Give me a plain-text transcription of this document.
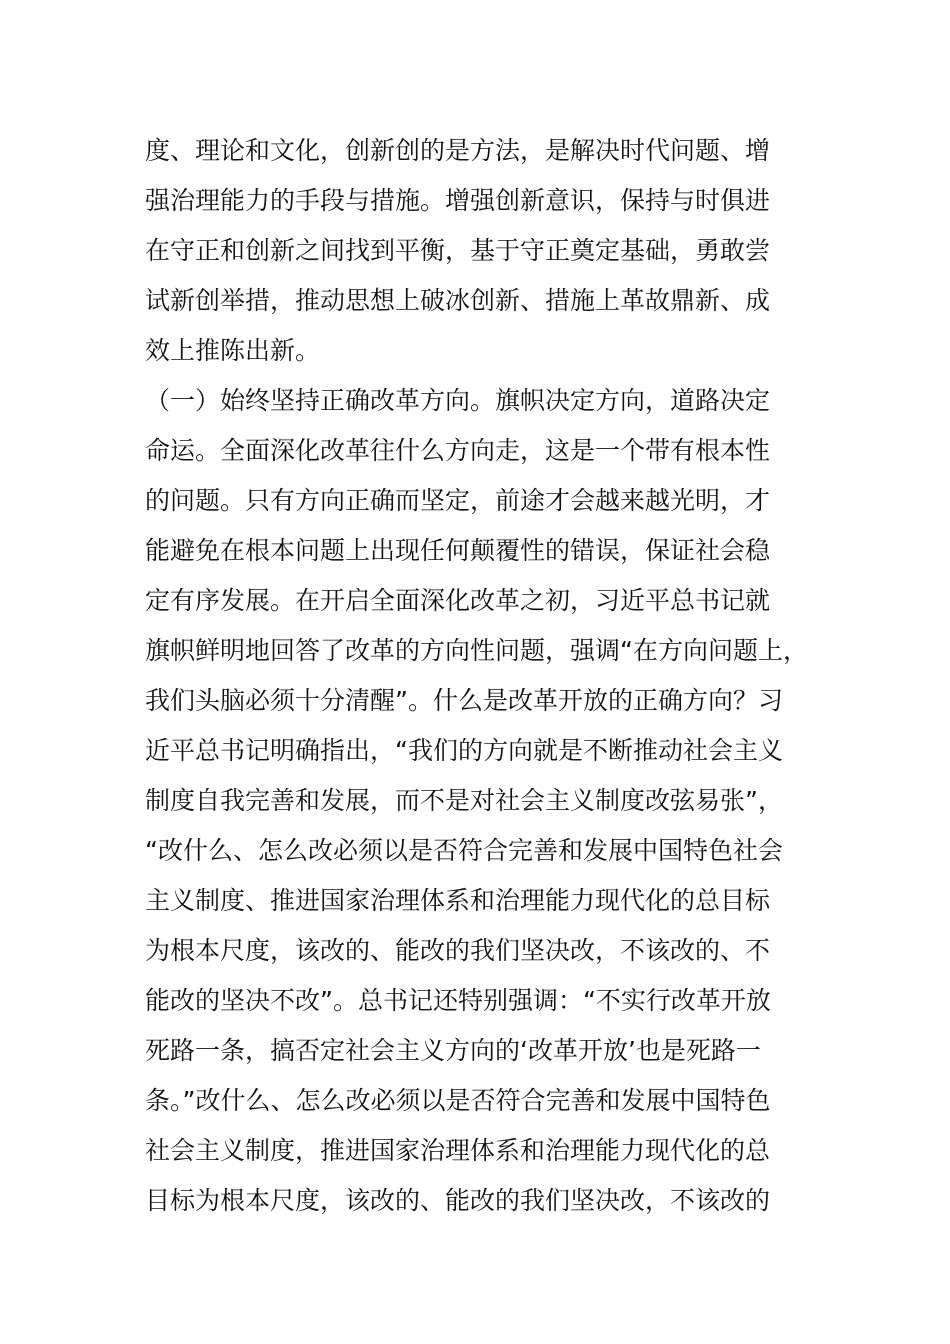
度、理论和文化，创新创的是方法，是解决时代问题、增
强治理能力的手段与措施。增强创新意识，保持与时俱进
在守正和创新之间找到平衡，基于守正奠定基础，勇敢尝
试新创举措，推动思想上破冰创新、措施上革故鼎新、成
效上推陈出新。
（一）始终坚持正确改革方向。旗帜决定方向，道路决定
命运。全面深化改革往什么方向走，这是一个带有根本性
的问题。只有方向正确而坚定，前途才会越来越光明，才
能避免在根本问题上出现任何颠覆性的错误，保证社会稳
定有序发展。在开启全面深化改革之初，习近平总书记就
旗帜鲜明地回答了改革的方向性问题，强调“在方向问题上，
我们头脑必须十分清醒”。什么是改革开放的正确方向？习
近平总书记明确指出，“我们的方向就是不断推动社会主义
制度自我完善和发展，而不是对社会主义制度改弦易张”，
“改什么、怎么改必须以是否符合完善和发展中国特色社会
主义制度、推进国家治理体系和治理能力现代化的总目标
为根本尺度，该改的、能改的我们坚决改，不该改的、不
能改的坚决不改”。总书记还特别强调：“不实行改革开放
死路一条，搞否定社会主义方向的‘改革开放’也是死路一
条。”改什么、怎么改必须以是否符合完善和发展中国特色
社会主义制度，推进国家治理体系和治理能力现代化的总
目标为根本尺度，该改的、能改的我们坚决改，不该改的
